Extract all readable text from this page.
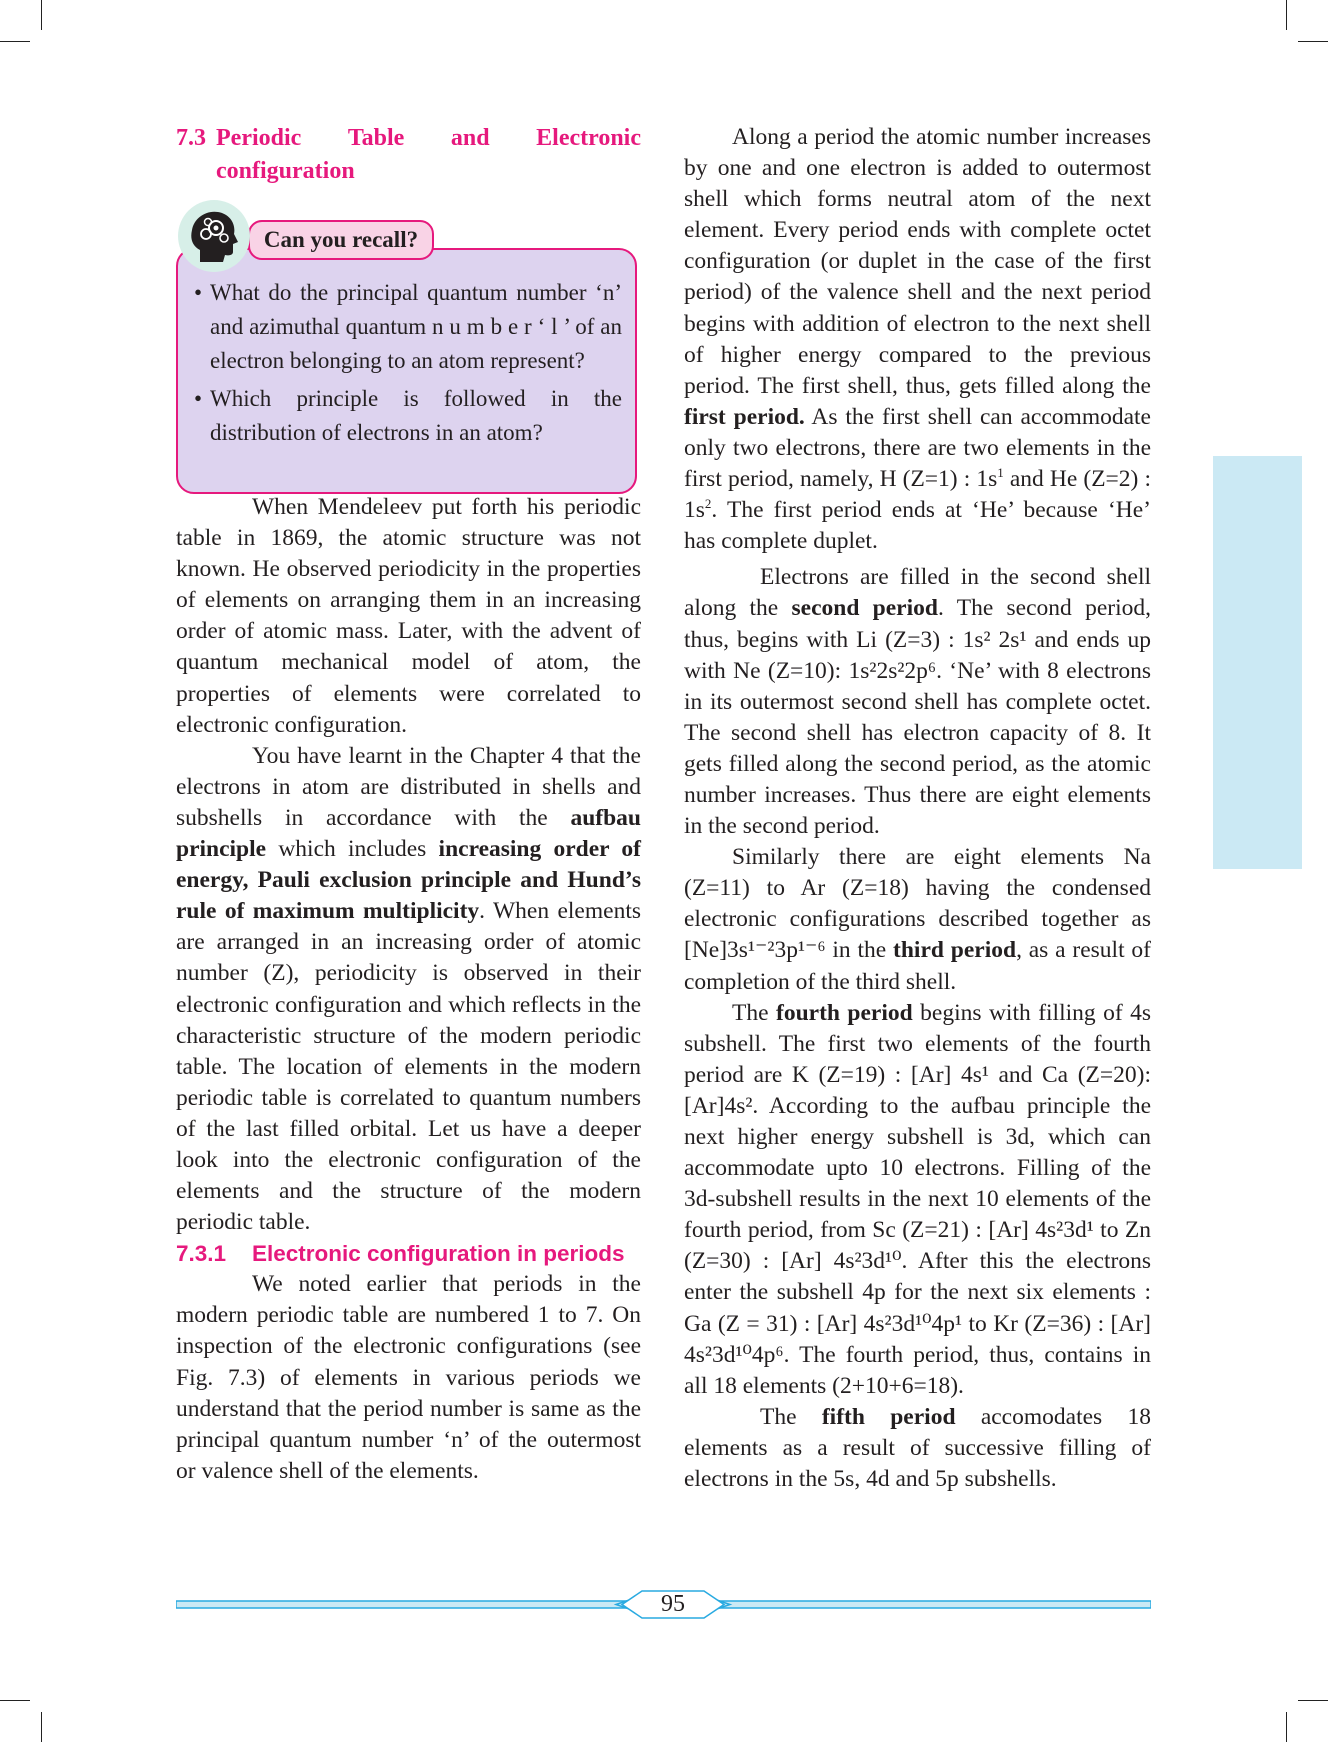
7.3 Periodic Table and Electronic
configuration
Can you recall?
• What do the principal quantum number ‘n’ and azimuthal quantum n u m b e r ‘ l ’ of an electron belonging to an atom represent?
• Which principle is followed in the distribution of electrons in an atom?

When Mendeleev put forth his periodic table in 1869, the atomic structure was not known. He observed periodicity in the properties of elements on arranging them in an increasing order of atomic mass. Later, with the advent of quantum mechanical model of atom, the properties of elements were correlated to electronic configuration.

You have learnt in the Chapter 4 that the electrons in atom are distributed in shells and subshells in accordance with the aufbau principle which includes increasing order of energy, Pauli exclusion principle and Hund’s rule of maximum multiplicity. When elements are arranged in an increasing order of atomic number (Z), periodicity is observed in their electronic configuration and which reflects in the characteristic structure of the modern periodic table. The location of elements in the modern periodic table is correlated to quantum numbers of the last filled orbital. Let us have a deeper look into the electronic configuration of the elements and the structure of the modern periodic table.

7.3.1 Electronic configuration in periods

We noted earlier that periods in the modern periodic table are numbered 1 to 7. On inspection of the electronic configurations (see Fig. 7.3) of elements in various periods we understand that the period number is same as the principal quantum number ‘n’ of the outermost or valence shell of the elements.

Along a period the atomic number increases by one and one electron is added to outermost shell which forms neutral atom of the next element. Every period ends with complete octet configuration (or duplet in the case of the first period) of the valence shell and the next period begins with addition of electron to the next shell of higher energy compared to the previous period. The first shell, thus, gets filled along the first period. As the first shell can accommodate only two electrons, there are two elements in the first period, namely, H (Z=1) : $1s^1$ and He (Z=2) : $1s^2$. The first period ends at ‘He’ because ‘He’ has complete duplet.

Electrons are filled in the second shell along the second period. The second period, thus, begins with Li (Z=3) : 1s² 2s¹ and ends up with Ne (Z=10): 1s²2s²2p⁶. ‘Ne’ with 8 electrons in its outermost second shell has complete octet. The second shell has electron capacity of 8. It gets filled along the second period, as the atomic number increases. Thus there are eight elements in the second period.

Similarly there are eight elements Na (Z=11) to Ar (Z=18) having the condensed electronic configurations described together as [Ne]3s¹⁻²3p¹⁻⁶ in the third period, as a result of completion of the third shell.

The fourth period begins with filling of 4s subshell. The first two elements of the fourth period are K (Z=19) : [Ar] 4s¹ and Ca (Z=20): [Ar]4s². According to the aufbau principle the next higher energy subshell is 3d, which can accommodate upto 10 electrons. Filling of the 3d-subshell results in the next 10 elements of the fourth period, from Sc (Z=21) : [Ar] 4s²3d¹ to Zn (Z=30) : [Ar] 4s²3d¹⁰. After this the electrons enter the subshell 4p for the next six elements : Ga (Z = 31) : [Ar] 4s²3d¹⁰4p¹ to Kr (Z=36) : [Ar] 4s²3d¹⁰4p⁶. The fourth period, thus, contains in all 18 elements (2+10+6=18).

The fifth period accomodates 18 elements as a result of successive filling of electrons in the 5s, 4d and 5p subshells.

95
